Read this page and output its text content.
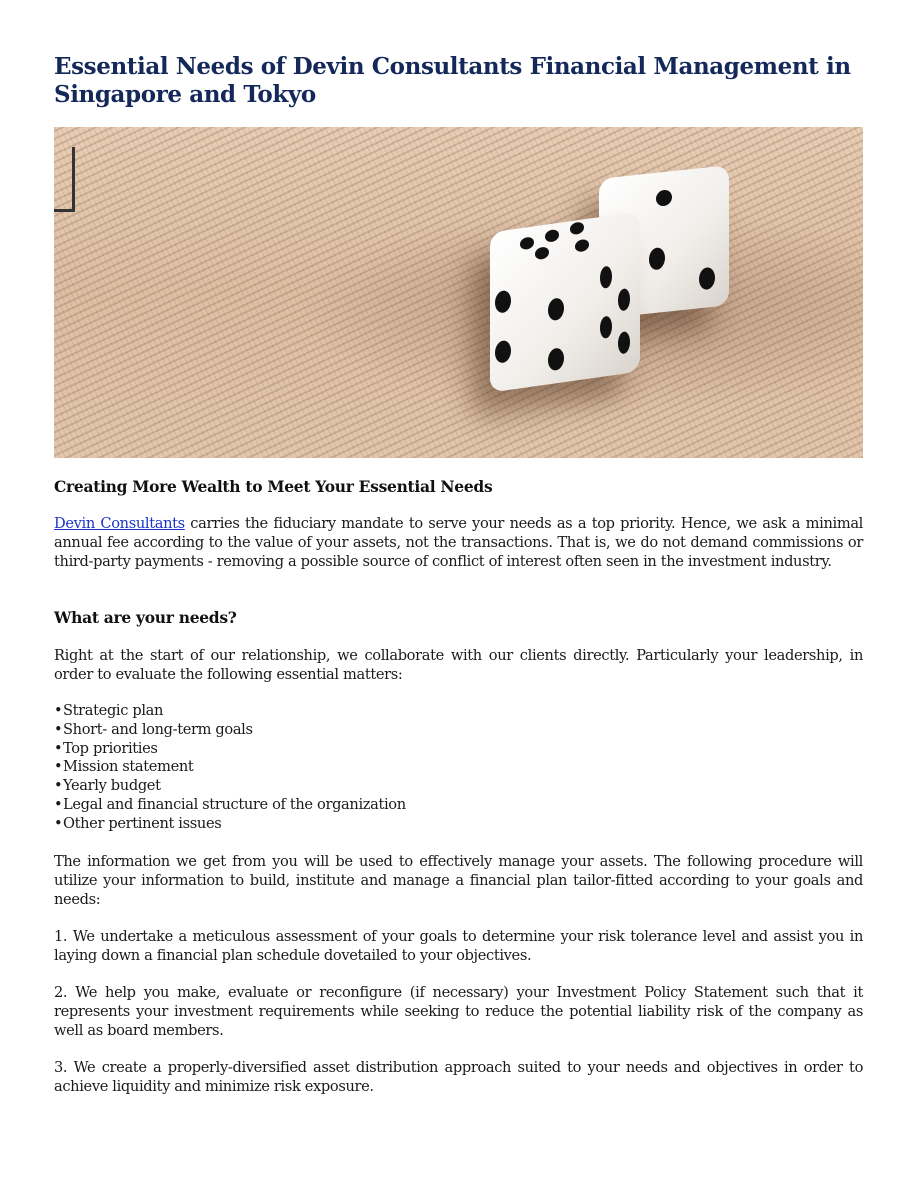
Essential Needs of Devin Consultants Financial Management in Singapore and Tokyo
Creating More Wealth to Meet Your Essential Needs

Devin Consultants carries the fiduciary mandate to serve your needs as a top priority. Hence, we ask a minimal annual fee according to the value of your assets, not the transactions. That is, we do not demand commissions or third-party payments - removing a possible source of conflict of interest often seen in the investment industry.

What are your needs?

Right at the start of our relationship, we collaborate with our clients directly. Particularly your leadership, in order to evaluate the following essential matters:

•Strategic plan
•Short- and long-term goals
•Top priorities
•Mission statement
•Yearly budget
•Legal and financial structure of the organization
•Other pertinent issues

The information we get from you will be used to effectively manage your assets. The following procedure will utilize your information to build, institute and manage a financial plan tailor-fitted according to your goals and needs:

1. We undertake a meticulous assessment of your goals to determine your risk tolerance level and assist you in laying down a financial plan schedule dovetailed to your objectives.

2. We help you make, evaluate or reconfigure (if necessary) your Investment Policy Statement such that it represents your investment requirements while seeking to reduce the potential liability risk of the company as well as board members.

3. We create a properly-diversified asset distribution approach suited to your needs and objectives in order to achieve liquidity and minimize risk exposure.
